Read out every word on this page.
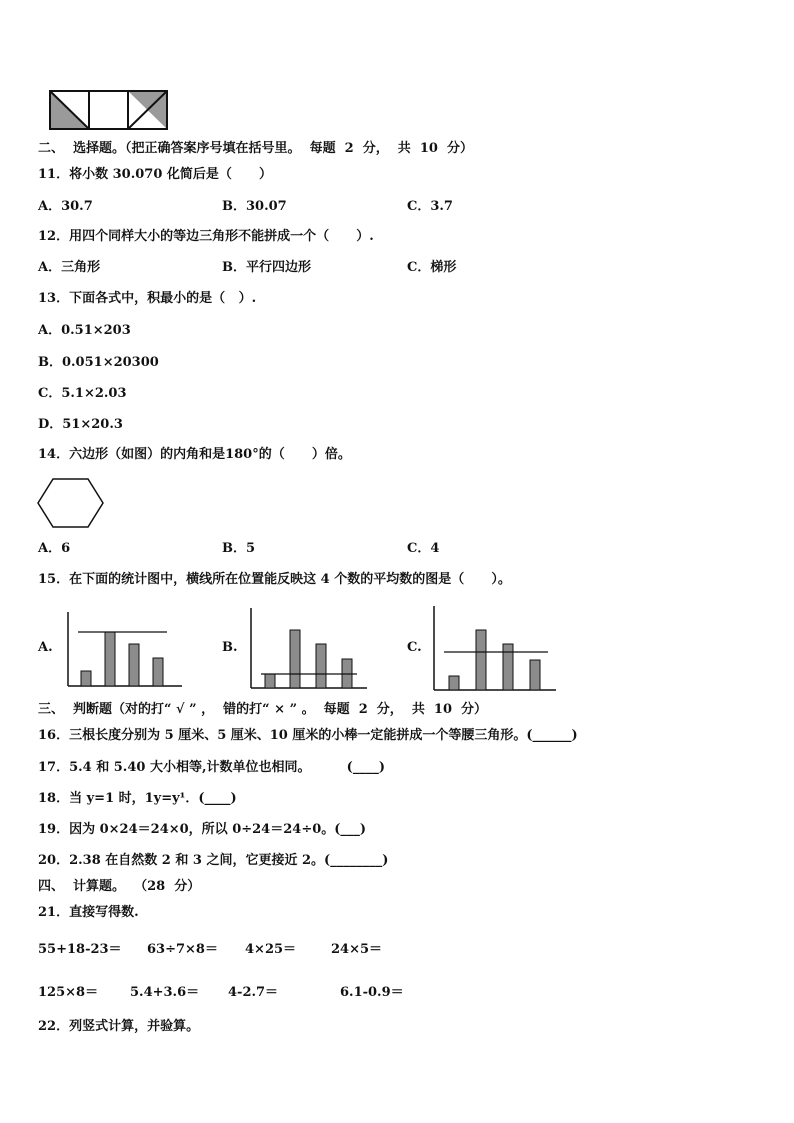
二、  选择题。（把正确答案序号填在括号里。  每题  2  分，  共  10  分）
11．将小数 30.070 化简后是（      ）
A．30.7	B．30.07	C．3.7
12．用四个同样大小的等边三角形不能拼成一个（      ）.
A．三角形	B．平行四边形	C．梯形
13．下面各式中，积最小的是（   ）.
A．0.51×203
B．0.051×20300
C．5.1×2.03
D．51×20.3
14．六边形（如图）的内角和是180°的（      ）倍。
A．6	B．5	C．4
15．在下面的统计图中，横线所在位置能反映这 4 个数的平均数的图是（      ）。
A.	B.	C.
三、  判断题（对的打“ √ ” ，  错的打“ × ” 。  每题  2  分，  共  10  分）
16．三根长度分别为 5 厘米、5 厘米、10 厘米的小棒一定能拼成一个等腰三角形。(______)
17．5.4 和 5.40 大小相等,计数单位也相同。        (____)
18．当 y=1 时，1y=y¹．(____)
19．因为 0×24＝24×0，所以 0÷24＝24÷0。(___)
20．2.38 在自然数 2 和 3 之间，它更接近 2。(________)
四、  计算题。  （28  分）
21．直接写得数.
55+18-23＝ 63÷7×8＝ 4×25＝	24×5＝
125×8＝ 5.4+3.6＝ 4-2.7＝	6.1-0.9＝
22．列竖式计算，并验算。
